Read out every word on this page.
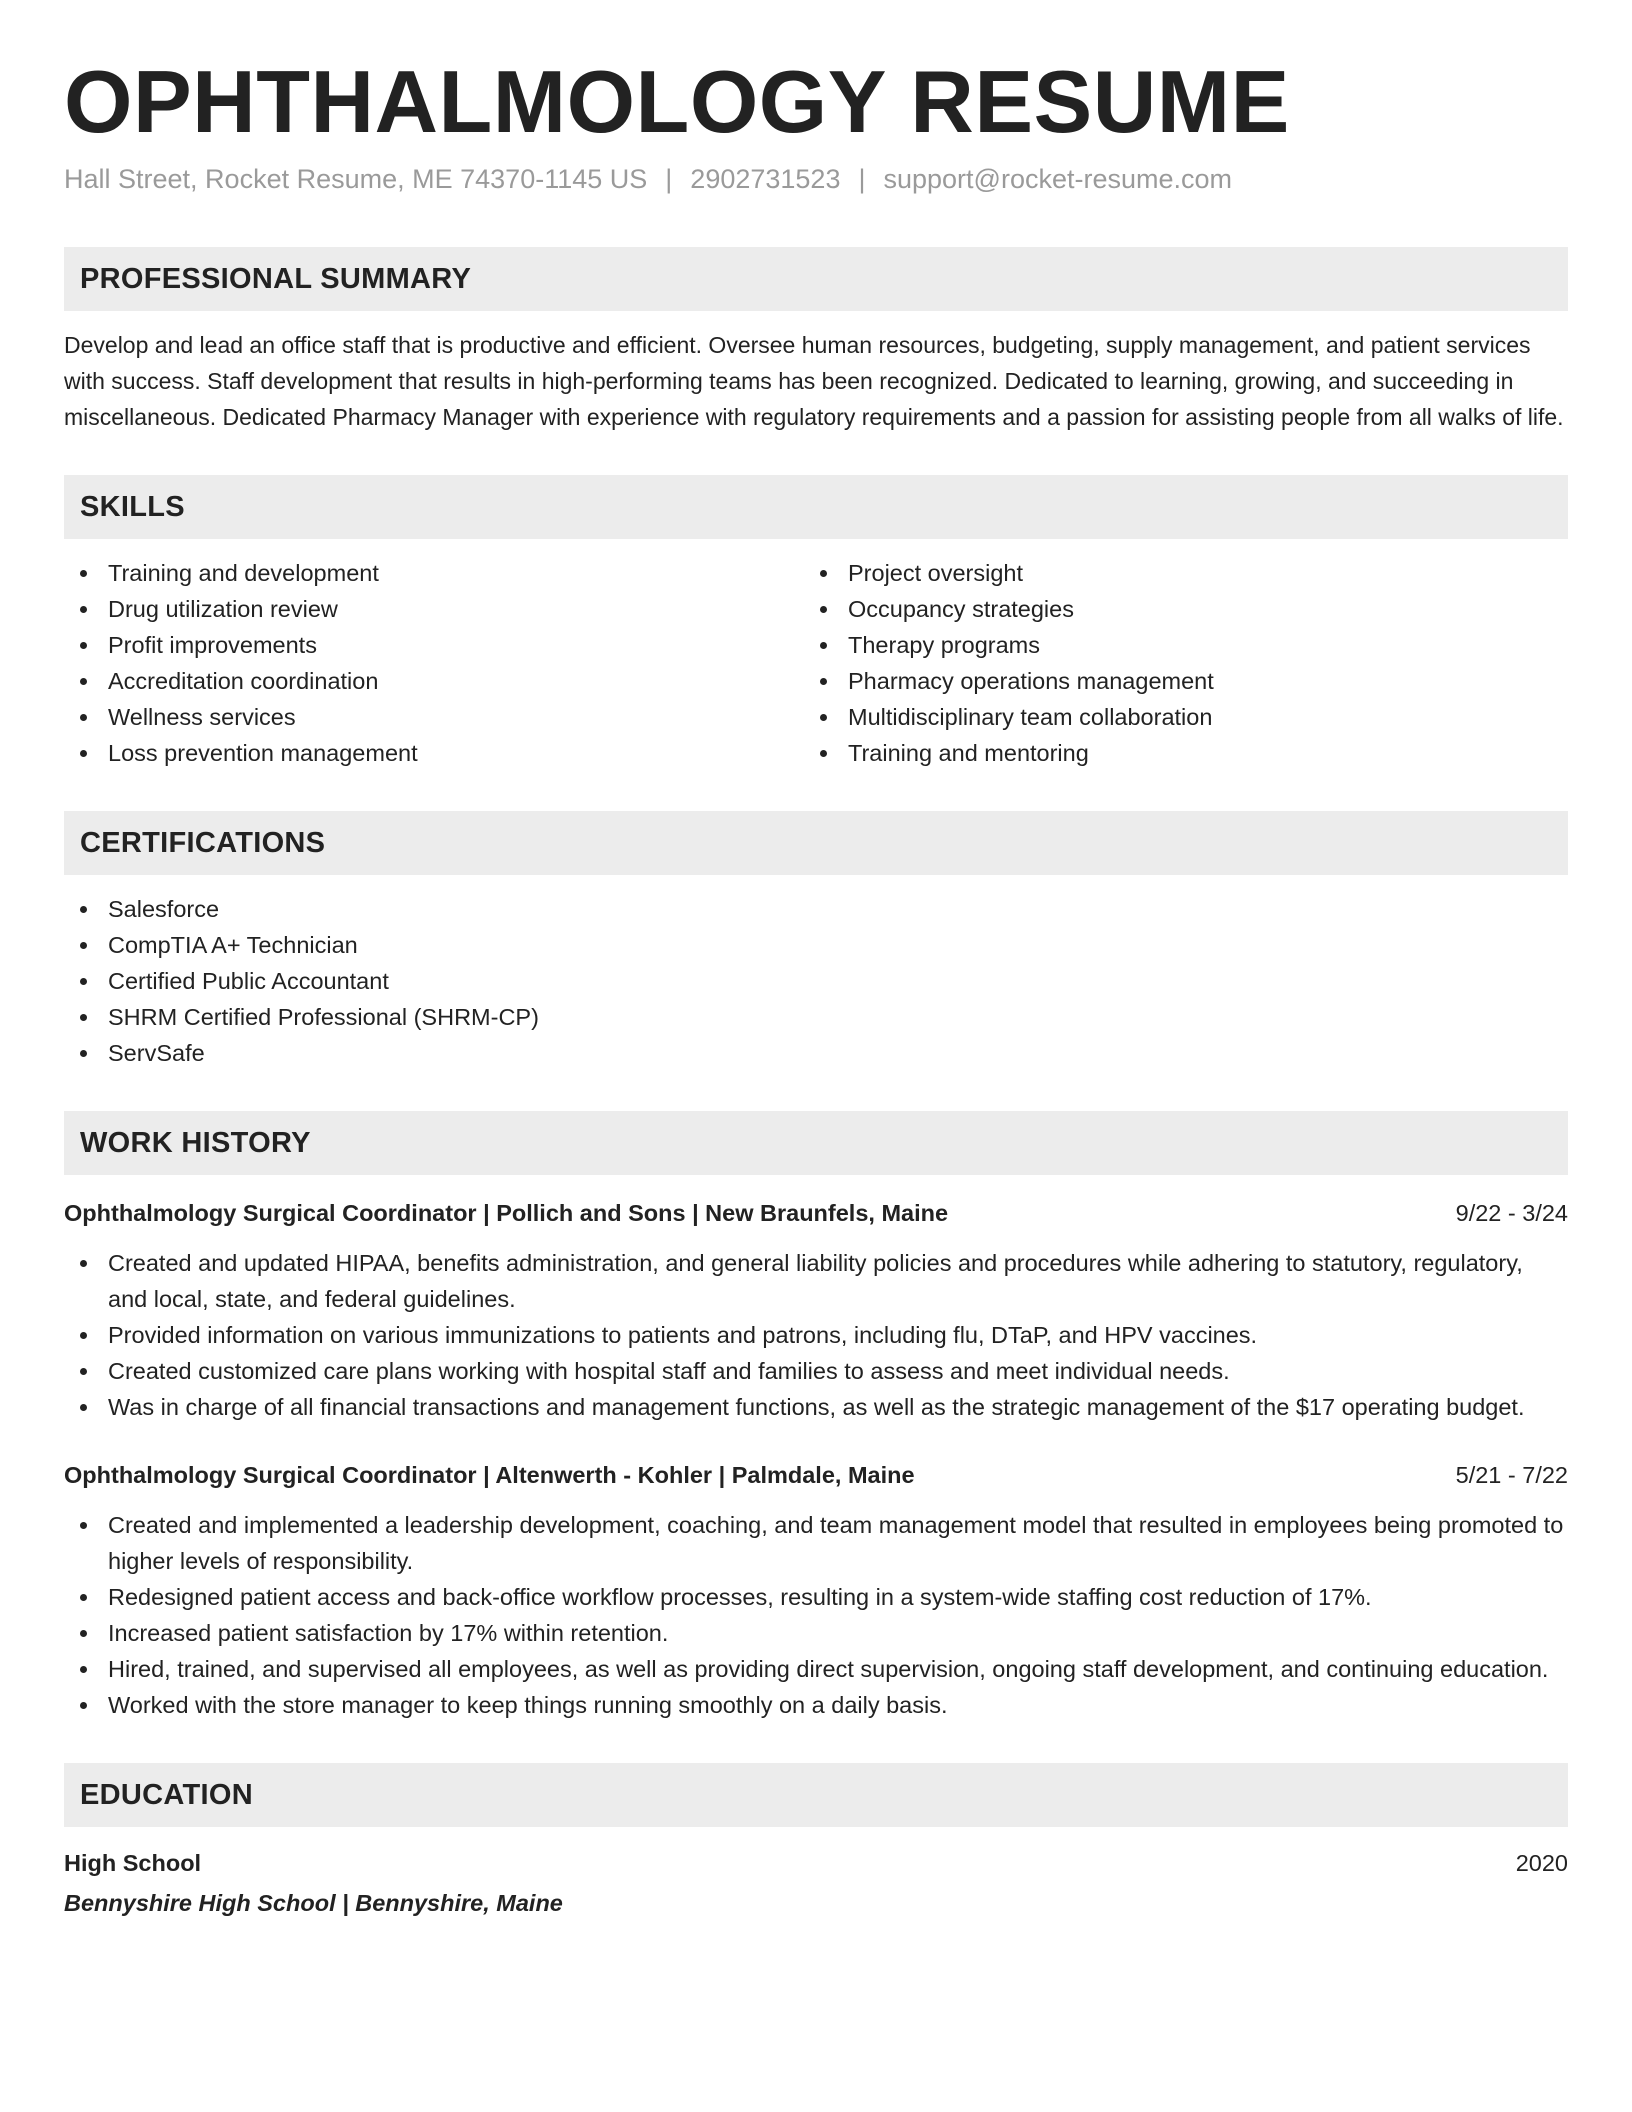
OPHTHALMOLOGY RESUME
Hall Street, Rocket Resume, ME 74370-1145 US | 2902731523 | support@rocket-resume.com
PROFESSIONAL SUMMARY

Develop and lead an office staff that is productive and efficient. Oversee human resources, budgeting, supply management, and patient services with success. Staff development that results in high-performing teams has been recognized. Dedicated to learning, growing, and succeeding in miscellaneous. Dedicated Pharmacy Manager with experience with regulatory requirements and a passion for assisting people from all walks of life.

SKILLS
Training and development
Drug utilization review
Profit improvements
Accreditation coordination
Wellness services
Loss prevention management
Project oversight
Occupancy strategies
Therapy programs
Pharmacy operations management
Multidisciplinary team collaboration
Training and mentoring
CERTIFICATIONS
Salesforce
CompTIA A+ Technician
Certified Public Accountant
SHRM Certified Professional (SHRM-CP)
ServSafe
WORK HISTORY
Ophthalmology Surgical Coordinator | Pollich and Sons | New Braunfels, Maine	9/22 - 3/24
Created and updated HIPAA, benefits administration, and general liability policies and procedures while adhering to statutory, regulatory, and local, state, and federal guidelines.
Provided information on various immunizations to patients and patrons, including flu, DTaP, and HPV vaccines.
Created customized care plans working with hospital staff and families to assess and meet individual needs.
Was in charge of all financial transactions and management functions, as well as the strategic management of the $17 operating budget.
Ophthalmology Surgical Coordinator | Altenwerth - Kohler | Palmdale, Maine	5/21 - 7/22
Created and implemented a leadership development, coaching, and team management model that resulted in employees being promoted to higher levels of responsibility.
Redesigned patient access and back-office workflow processes, resulting in a system-wide staffing cost reduction of 17%.
Increased patient satisfaction by 17% within retention.
Hired, trained, and supervised all employees, as well as providing direct supervision, ongoing staff development, and continuing education.
Worked with the store manager to keep things running smoothly on a daily basis.
EDUCATION
High School	2020
Bennyshire High School | Bennyshire, Maine
